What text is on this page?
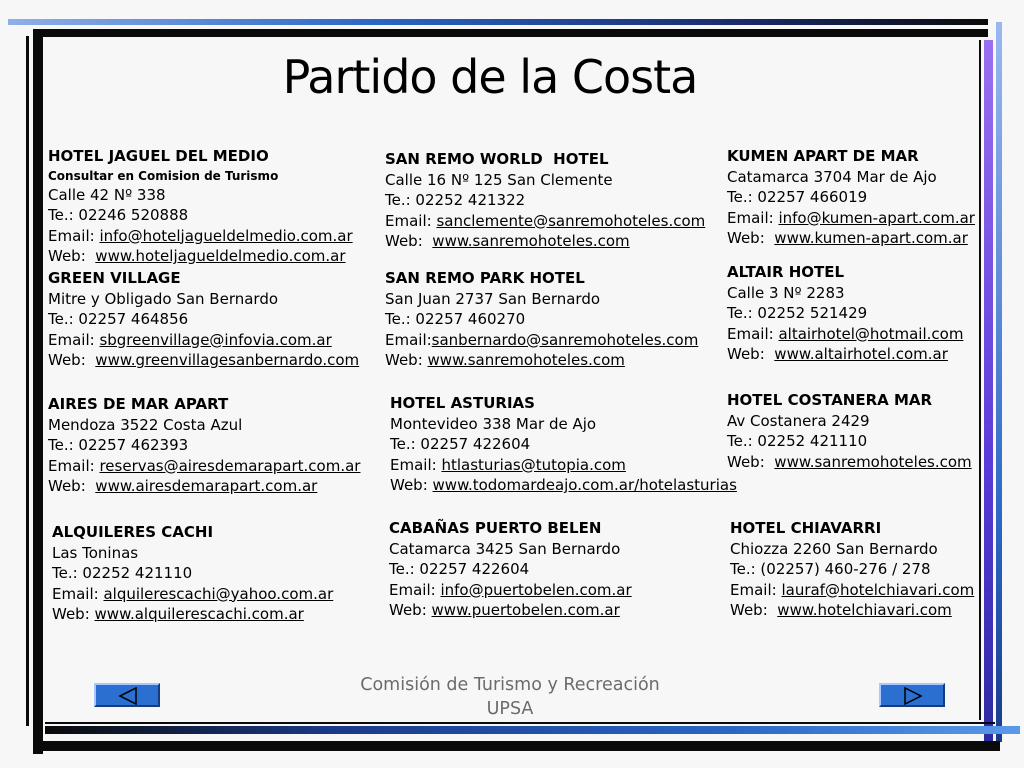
Partido de la Costa
HOTEL JAGUEL DEL MEDIO
Consultar en Comision de Turismo
Calle 42 Nº 338
Te.: 02246 520888
Email: info@hoteljagueldelmedio.com.ar
Web:  www.hoteljagueldelmedio.com.ar
GREEN VILLAGE
Mitre y Obligado San Bernardo
Te.: 02257 464856
Email: sbgreenvillage@infovia.com.ar
Web:  www.greenvillagesanbernardo.com
AIRES DE MAR APART
Mendoza 3522 Costa Azul
Te.: 02257 462393
Email: reservas@airesdemarapart.com.ar
Web:  www.airesdemarapart.com.ar
ALQUILERES CACHI
Las Toninas
Te.: 02252 421110
Email: alquilerescachi@yahoo.com.ar
Web: www.alquilerescachi.com.ar
SAN REMO WORLD  HOTEL
Calle 16 Nº 125 San Clemente
Te.: 02252 421322
Email: sanclemente@sanremohoteles.com
Web:  www.sanremohoteles.com
SAN REMO PARK HOTEL
San Juan 2737 San Bernardo
Te.: 02257 460270
Email:sanbernardo@sanremohoteles.com
Web: www.sanremohoteles.com
HOTEL ASTURIAS
Montevideo 338 Mar de Ajo
Te.: 02257 422604
Email: htlasturias@tutopia.com
Web: www.todomardeajo.com.ar/hotelasturias
CABAÑAS PUERTO BELEN
Catamarca 3425 San Bernardo
Te.: 02257 422604
Email: info@puertobelen.com.ar
Web: www.puertobelen.com.ar
KUMEN APART DE MAR
Catamarca 3704 Mar de Ajo
Te.: 02257 466019
Email: info@kumen-apart.com.ar
Web:  www.kumen-apart.com.ar
ALTAIR HOTEL
Calle 3 Nº 2283
Te.: 02252 521429
Email: altairhotel@hotmail.com
Web:  www.altairhotel.com.ar
HOTEL COSTANERA MAR
Av Costanera 2429
Te.: 02252 421110
Web:  www.sanremohoteles.com
HOTEL CHIAVARRI
Chiozza 2260 San Bernardo
Te.: (02257) 460-276 / 278
Email: lauraf@hotelchiavari.com
Web:  www.hotelchiavari.com
Comisión de Turismo y Recreación
UPSA
